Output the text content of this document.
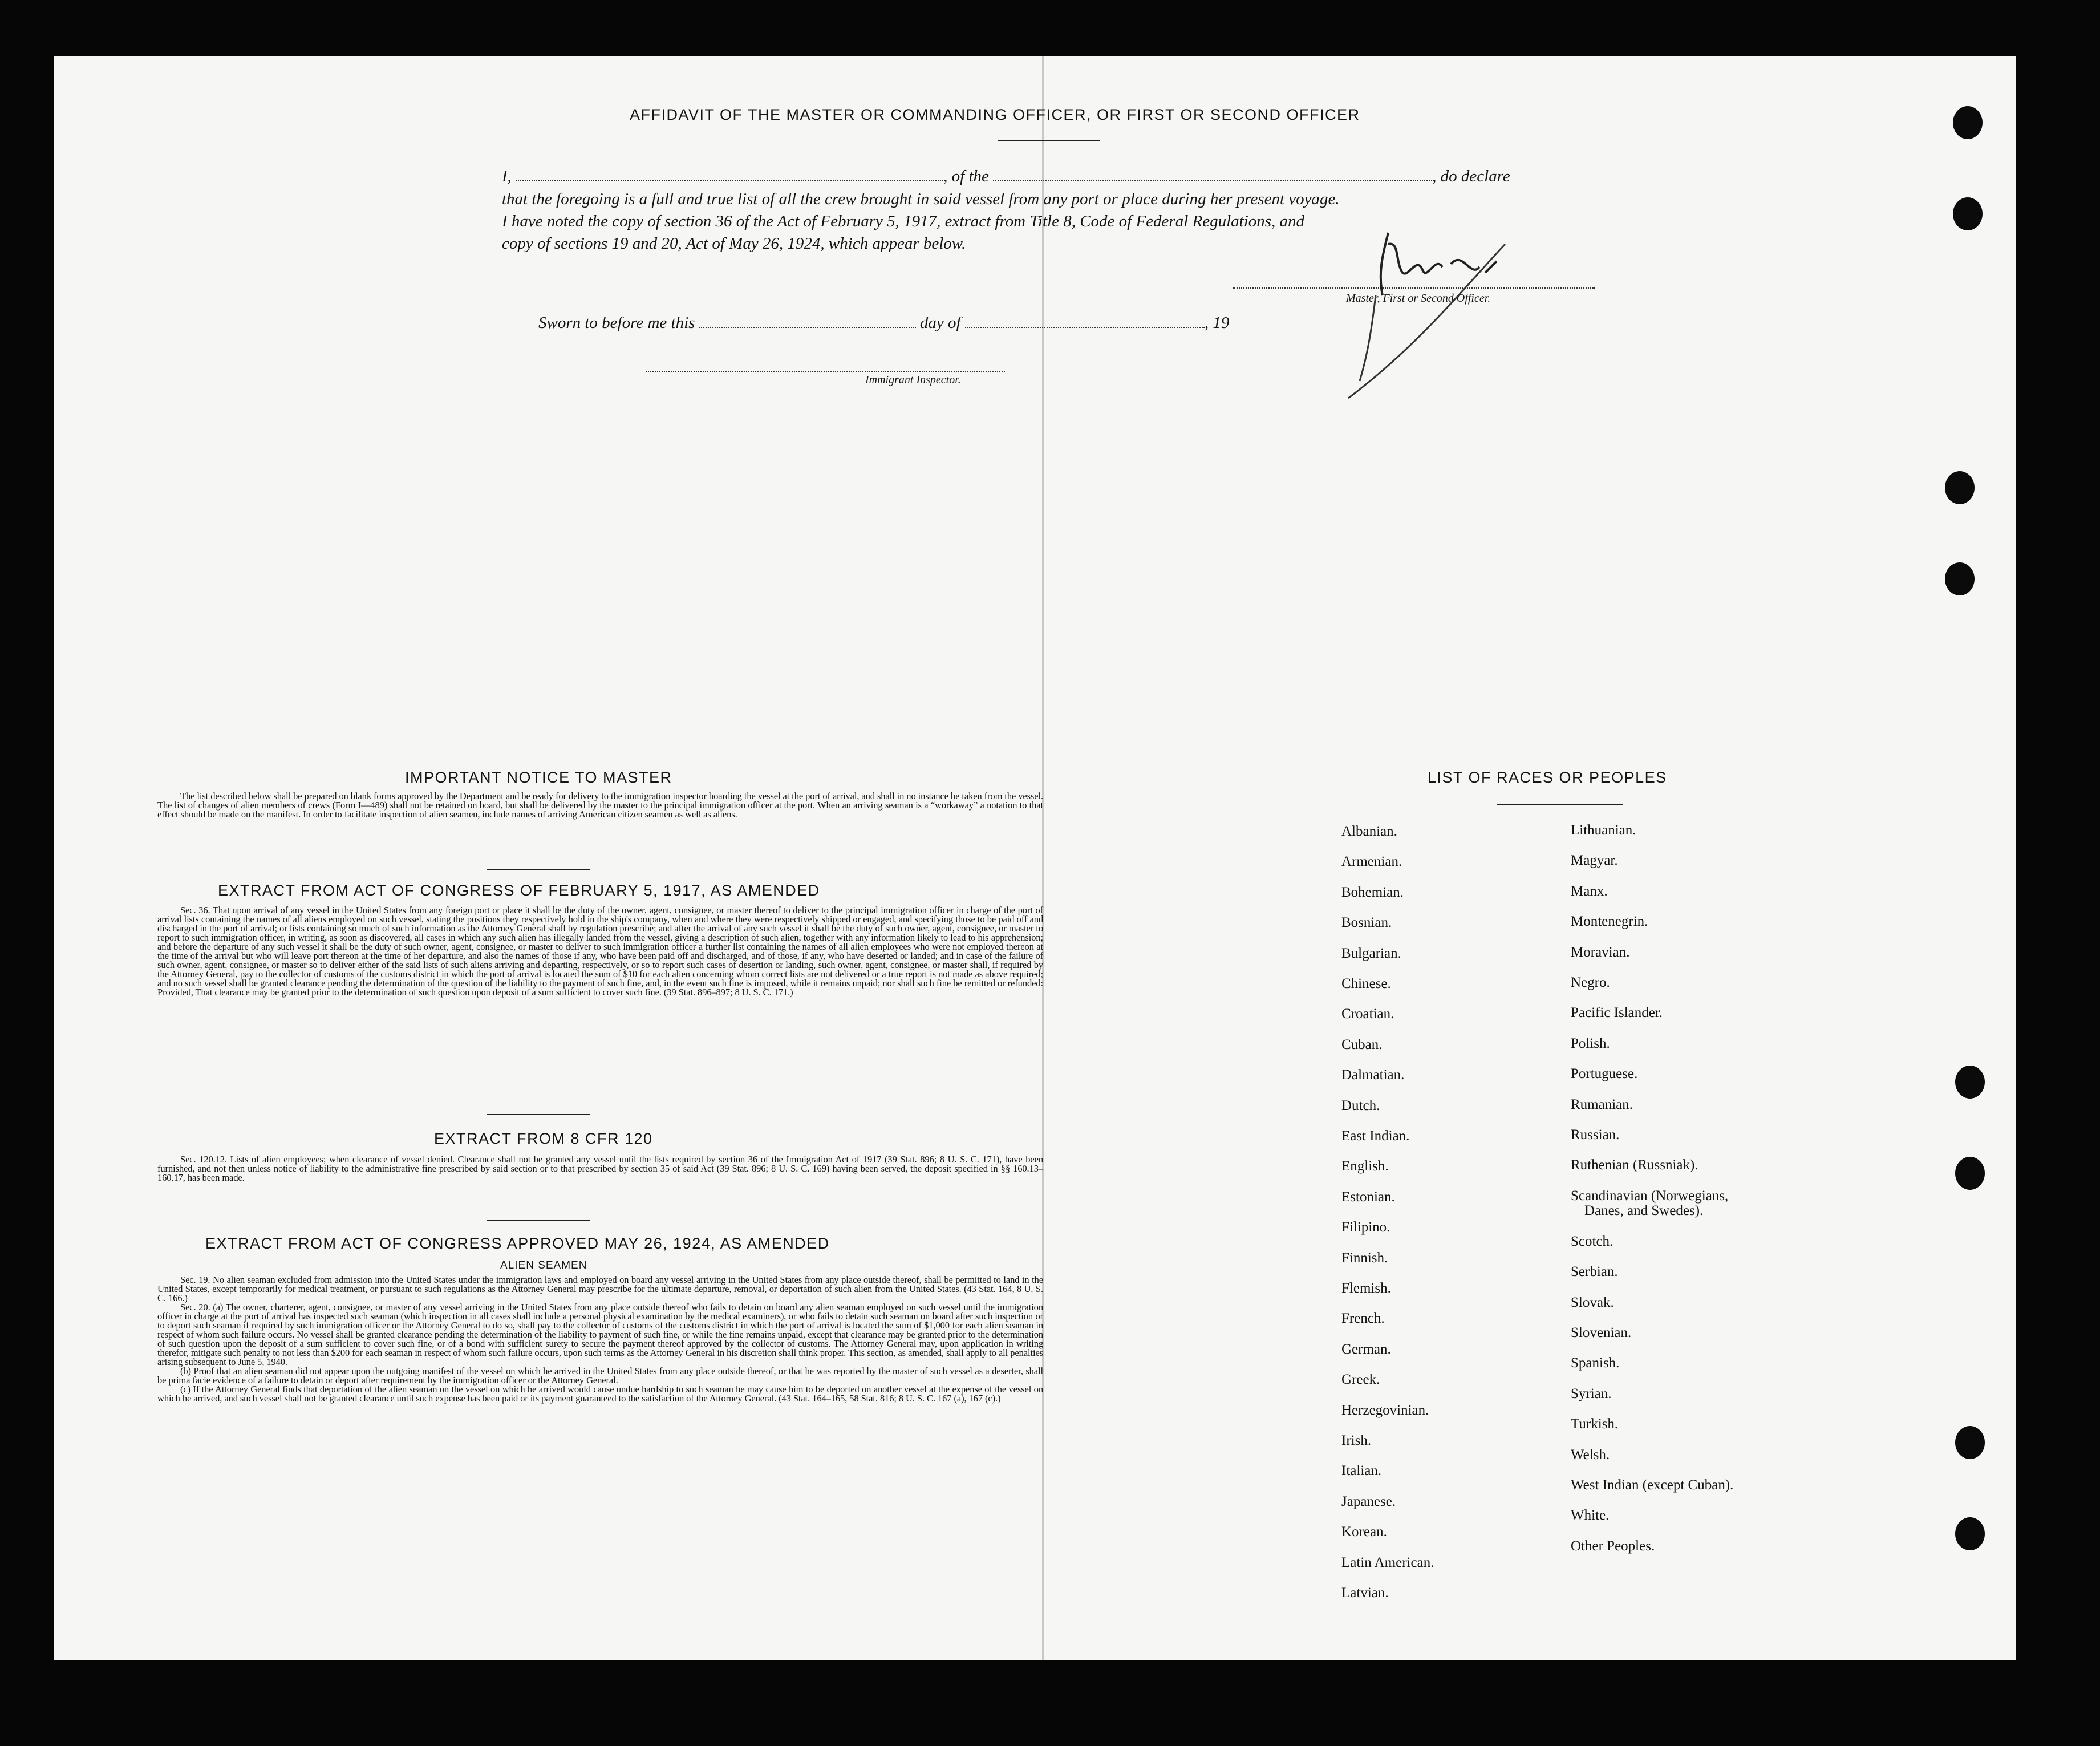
AFFIDAVIT OF THE MASTER OR COMMANDING OFFICER, OR FIRST OR SECOND OFFICER
I,	, of the	, do declare
that the foregoing is a full and true list of all the crew brought in said vessel from any port or place during her present voyage.
I have noted the copy of section 36 of the Act of February 5, 1917, extract from Title 8, Code of Federal Regulations, and
copy of sections 19 and 20, Act of May 26, 1924, which appear below.
Master, First or Second Officer.
Sworn to before me this	day of	, 19
Immigrant Inspector.
IMPORTANT NOTICE TO MASTER

The list described below shall be prepared on blank forms approved by the Department and be ready for delivery to the immigration inspector boarding the vessel at the port of arrival, and shall in no instance be taken from the vessel. The list of changes of alien members of crews (Form I—489) shall not be retained on board, but shall be delivered by the master to the principal immigration officer at the port. When an arriving seaman is a “workaway” a notation to that effect should be made on the manifest. In order to facilitate inspection of alien seamen, include names of arriving American citizen seamen as well as aliens.

EXTRACT FROM ACT OF CONGRESS OF FEBRUARY 5, 1917, AS AMENDED

Sec. 36. That upon arrival of any vessel in the United States from any foreign port or place it shall be the duty of the owner, agent, consignee, or master thereof to deliver to the principal immigration officer in charge of the port of arrival lists containing the names of all aliens employed on such vessel, stating the positions they respectively hold in the ship's company, when and where they were respectively shipped or engaged, and specifying those to be paid off and discharged in the port of arrival; or lists containing so much of such information as the Attorney General shall by regulation prescribe; and after the arrival of any such vessel it shall be the duty of such owner, agent, consignee, or master to report to such immigration officer, in writing, as soon as discovered, all cases in which any such alien has illegally landed from the vessel, giving a description of such alien, together with any information likely to lead to his apprehension; and before the departure of any such vessel it shall be the duty of such owner, agent, consignee, or master to deliver to such immigration officer a further list containing the names of all alien employees who were not employed thereon at the time of the arrival but who will leave port thereon at the time of her departure, and also the names of those if any, who have been paid off and discharged, and of those, if any, who have deserted or landed; and in case of the failure of such owner, agent, consignee, or master so to deliver either of the said lists of such aliens arriving and departing, respectively, or so to report such cases of desertion or landing, such owner, agent, consignee, or master shall, if required by the Attorney General, pay to the collector of customs of the customs district in which the port of arrival is located the sum of $10 for each alien concerning whom correct lists are not delivered or a true report is not made as above required; and no such vessel shall be granted clearance pending the determination of the question of the liability to the payment of such fine, and, in the event such fine is imposed, while it remains unpaid; nor shall such fine be remitted or refunded: Provided, That clearance may be granted prior to the determination of such question upon deposit of a sum sufficient to cover such fine. (39 Stat. 896–897; 8 U. S. C. 171.)

EXTRACT FROM 8 CFR 120

Sec. 120.12. Lists of alien employees; when clearance of vessel denied. Clearance shall not be granted any vessel until the lists required by section 36 of the Immigration Act of 1917 (39 Stat. 896; 8 U. S. C. 171), have been furnished, and not then unless notice of liability to the administrative fine prescribed by said section or to that prescribed by section 35 of said Act (39 Stat. 896; 8 U. S. C. 169) having been served, the deposit specified in §§ 160.13–160.17, has been made.

EXTRACT FROM ACT OF CONGRESS APPROVED MAY 26, 1924, AS AMENDED
ALIEN SEAMEN

Sec. 19. No alien seaman excluded from admission into the United States under the immigration laws and employed on board any vessel arriving in the United States from any place outside thereof, shall be permitted to land in the United States, except temporarily for medical treatment, or pursuant to such regulations as the Attorney General may prescribe for the ultimate departure, removal, or deportation of such alien from the United States. (43 Stat. 164, 8 U. S. C. 166.)

Sec. 20. (a) The owner, charterer, agent, consignee, or master of any vessel arriving in the United States from any place outside thereof who fails to detain on board any alien seaman employed on such vessel until the immigration officer in charge at the port of arrival has inspected such seaman (which inspection in all cases shall include a personal physical examination by the medical examiners), or who fails to detain such seaman on board after such inspection or to deport such seaman if required by such immigration officer or the Attorney General to do so, shall pay to the collector of customs of the customs district in which the port of arrival is located the sum of $1,000 for each alien seaman in respect of whom such failure occurs. No vessel shall be granted clearance pending the determination of the liability to payment of such fine, or while the fine remains unpaid, except that clearance may be granted prior to the determination of such question upon the deposit of a sum sufficient to cover such fine, or of a bond with sufficient surety to secure the payment thereof approved by the collector of customs. The Attorney General may, upon application in writing therefor, mitigate such penalty to not less than $200 for each seaman in respect of whom such failure occurs, upon such terms as the Attorney General in his discretion shall think proper. This section, as amended, shall apply to all penalties arising subsequent to June 5, 1940.

(b) Proof that an alien seaman did not appear upon the outgoing manifest of the vessel on which he arrived in the United States from any place outside thereof, or that he was reported by the master of such vessel as a deserter, shall be prima facie evidence of a failure to detain or deport after requirement by the immigration officer or the Attorney General.

(c) If the Attorney General finds that deportation of the alien seaman on the vessel on which he arrived would cause undue hardship to such seaman he may cause him to be deported on another vessel at the expense of the vessel on which he arrived, and such vessel shall not be granted clearance until such expense has been paid or its payment guaranteed to the satisfaction of the Attorney General. (43 Stat. 164–165, 58 Stat. 816; 8 U. S. C. 167 (a), 167 (c).)

LIST OF RACES OR PEOPLES
Albanian.
Armenian.
Bohemian.
Bosnian.
Bulgarian.
Chinese.
Croatian.
Cuban.
Dalmatian.
Dutch.
East Indian.
English.
Estonian.
Filipino.
Finnish.
Flemish.
French.
German.
Greek.
Herzegovinian.
Irish.
Italian.
Japanese.
Korean.
Latin American.
Latvian.
Lithuanian.
Magyar.
Manx.
Montenegrin.
Moravian.
Negro.
Pacific Islander.
Polish.
Portuguese.
Rumanian.
Russian.
Ruthenian (Russniak).
Scandinavian (Norwegians,
Danes, and Swedes).
Scotch.
Serbian.
Slovak.
Slovenian.
Spanish.
Syrian.
Turkish.
Welsh.
West Indian (except Cuban).
White.
Other Peoples.
